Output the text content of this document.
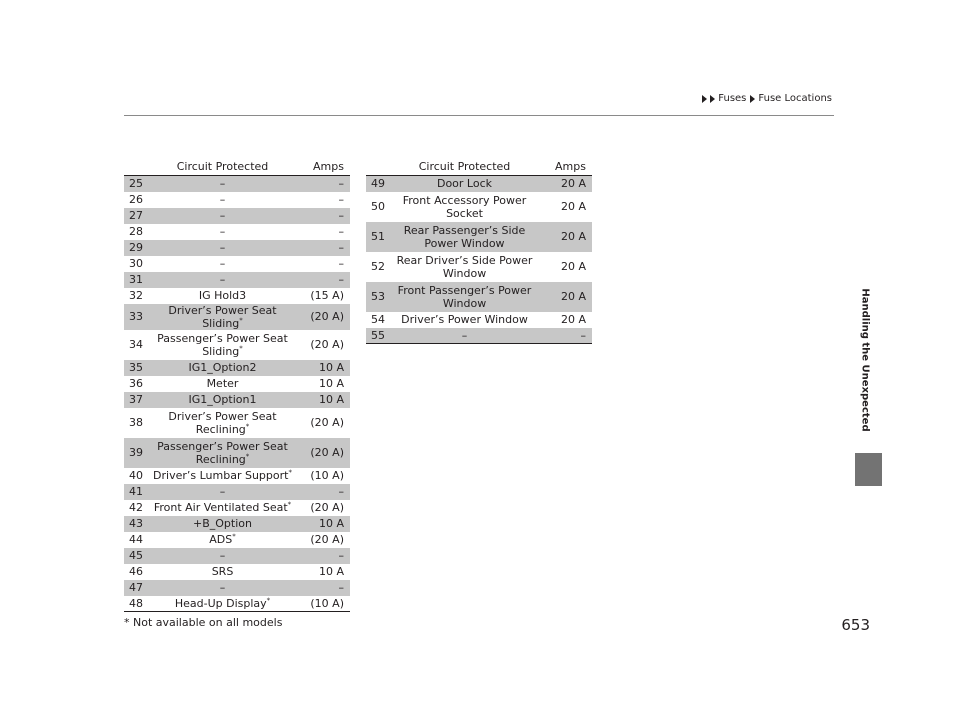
Fuses Fuse Locations
Handling the Unexpected
	Circuit Protected	Amps
25	–	–
26	–	–
27	–	–
28	–	–
29	–	–
30	–	–
31	–	–
32	IG Hold3	(15 A)
33	Driver’s Power Seat Sliding*	(20 A)
34	Passenger’s Power Seat Sliding*	(20 A)
35	IG1_Option2	10 A
36	Meter	10 A
37	IG1_Option1	10 A
38	Driver’s Power Seat Reclining*	(20 A)
39	Passenger’s Power Seat Reclining*	(20 A)
40	Driver’s Lumbar Support*	(10 A)
41	–	–
42	Front Air Ventilated Seat*	(20 A)
43	+B_Option	10 A
44	ADS*	(20 A)
45	–	–
46	SRS	10 A
47	–	–
48	Head-Up Display*	(10 A)
	Circuit Protected	Amps
49	Door Lock	20 A
50	Front Accessory Power Socket	20 A
51	Rear Passenger’s Side Power Window	20 A
52	Rear Driver’s Side Power Window	20 A
53	Front Passenger’s Power Window	20 A
54	Driver’s Power Window	20 A
55	–	–
* Not available on all models	653
